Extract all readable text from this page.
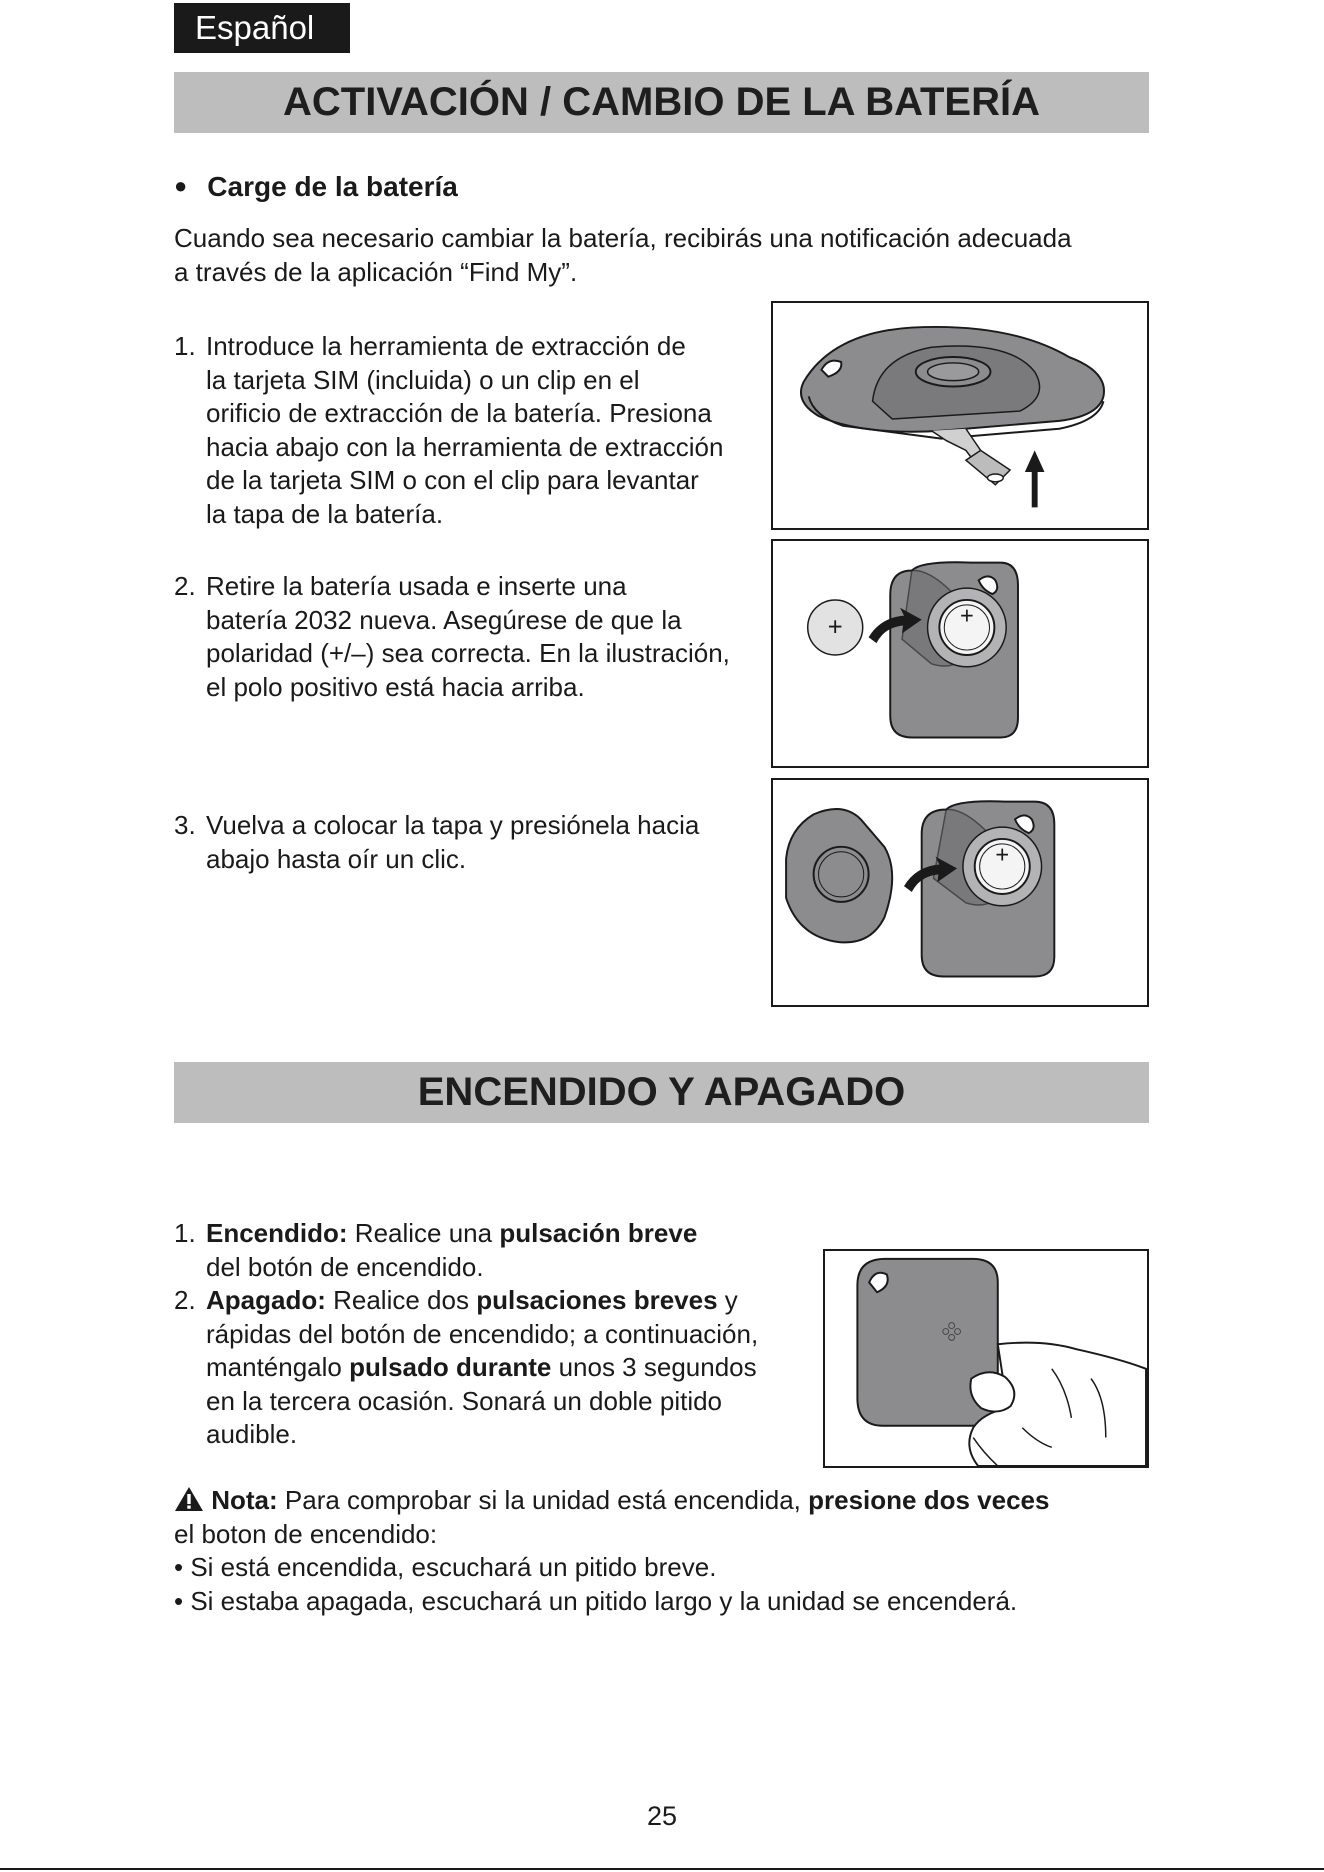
Español
ACTIVACIÓN / CAMBIO DE LA BATERÍA
● Carge de la batería

Cuando sea necesario cambiar la batería, recibirás una notificación adecuada

a través de la aplicación “Find My”.

1. Introduce la herramienta de extracción de

la tarjeta SIM (incluida) o un clip en el

orificio de extracción de la batería. Presiona

hacia abajo con la herramienta de extracción

de la tarjeta SIM o con el clip para levantar

la tapa de la batería.

2. Retire la batería usada e inserte una

batería 2032 nueva. Asegúrese de que la

polaridad (+/–) sea correcta. En la ilustración,

el polo positivo está hacia arriba.

+
+
3. Vuelva a colocar la tapa y presiónela hacia

abajo hasta oír un clic.	+
ENCENDIDO Y APAGADO
1. Encendido: Realice una pulsación breve

del botón de encendido.

2. Apagado: Realice dos pulsaciones breves y

rápidas del botón de encendido; a continuación,

manténgalo pulsado durante unos 3 segundos

en la tercera ocasión. Sonará un doble pitido

audible.

Nota: Para comprobar si la unidad está encendida, presione dos veces
el boton de encendido:
• Si está encendida, escuchará un pitido breve.
• Si estaba apagada, escuchará un pitido largo y la unidad se encenderá.
25
